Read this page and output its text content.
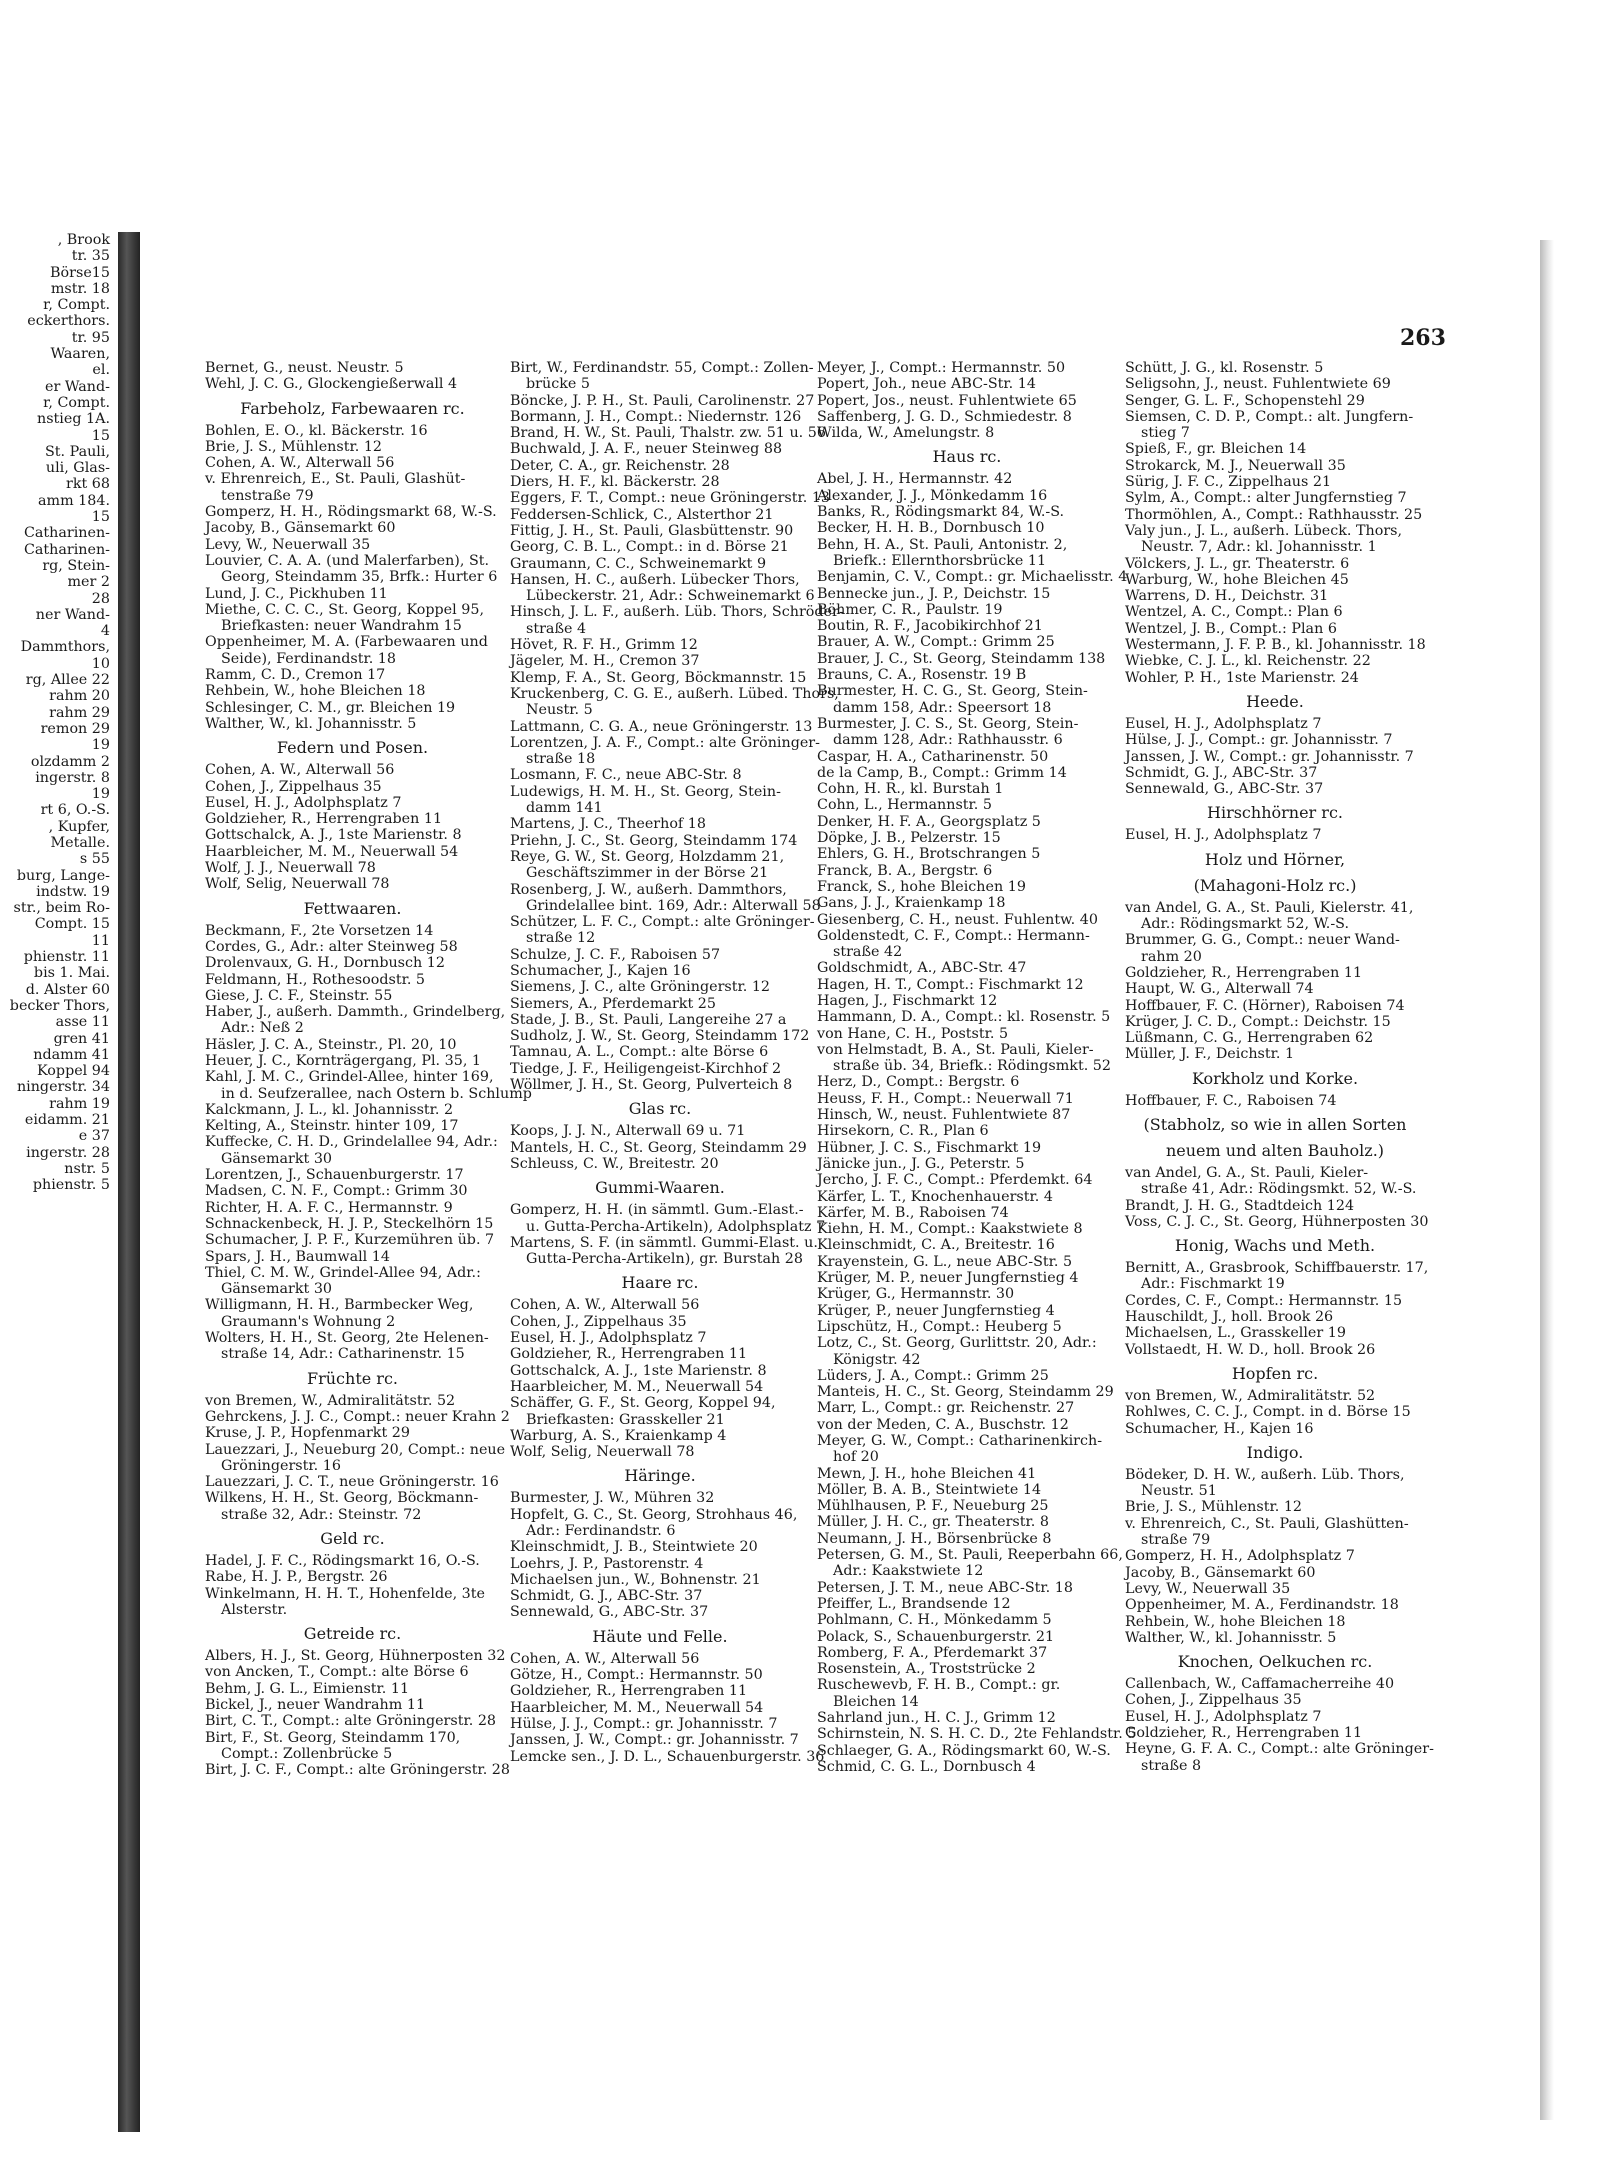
, Brook
tr. 35
Börse15
mstr. 18
r, Compt.
eckerthors.
tr. 95
Waaren,
el.
er Wand-
r, Compt.
nstieg 1A.
15
St. Pauli,
uli, Glas-
rkt 68
amm 184.
15
Catharinen-
Catharinen-
rg, Stein-
mer 2
28
ner Wand-
4
Dammthors,
10
rg, Allee 22
rahm 20
rahm 29
remon 29
19
olzdamm 2
ingerstr. 8
19
rt 6, O.-S.
, Kupfer,
Metalle.
s 55
burg, Lange-
indstw. 19
str., beim Ro-
Compt. 15
11
phienstr. 11
bis 1. Mai.
d. Alster 60
becker Thors,
asse 11
gren 41
ndamm 41
Koppel 94
ningerstr. 34
rahm 19
eidamm. 21
e 37
ingerstr. 28
nstr. 5
phienstr. 5
263
Bernet, G., neust. Neustr. 5
Wehl, J. C. G., Glockengießerwall 4
Farbeholz, Farbewaaren rc.
Bohlen, E. O., kl. Bäckerstr. 16
Brie, J. S., Mühlenstr. 12
Cohen, A. W., Alterwall 56
v. Ehrenreich, E., St. Pauli, Glashüt-
tenstraße 79
Gomperz, H. H., Rödingsmarkt 68, W.-S.
Jacoby, B., Gänsemarkt 60
Levy, W., Neuerwall 35
Louvier, C. A. A. (und Malerfarben), St.
Georg, Steindamm 35, Brfk.: Hurter 6
Lund, J. C., Pickhuben 11
Miethe, C. C. C., St. Georg, Koppel 95,
Briefkasten: neuer Wandrahm 15
Oppenheimer, M. A. (Farbewaaren und
Seide), Ferdinandstr. 18
Ramm, C. D., Cremon 17
Rehbein, W., hohe Bleichen 18
Schlesinger, C. M., gr. Bleichen 19
Walther, W., kl. Johannisstr. 5
Federn und Posen.
Cohen, A. W., Alterwall 56
Cohen, J., Zippelhaus 35
Eusel, H. J., Adolphsplatz 7
Goldzieher, R., Herrengraben 11
Gottschalck, A. J., 1ste Marienstr. 8
Haarbleicher, M. M., Neuerwall 54
Wolf, J. J., Neuerwall 78
Wolf, Selig, Neuerwall 78
Fettwaaren.
Beckmann, F., 2te Vorsetzen 14
Cordes, G., Adr.: alter Steinweg 58
Drolenvaux, G. H., Dornbusch 12
Feldmann, H., Rothesoodstr. 5
Giese, J. C. F., Steinstr. 55
Haber, J., außerh. Dammth., Grindelberg,
Adr.: Neß 2
Häsler, J. C. A., Steinstr., Pl. 20, 10
Heuer, J. C., Kornträgergang, Pl. 35, 1
Kahl, J. M. C., Grindel-Allee, hinter 169,
in d. Seufzerallee, nach Ostern b. Schlump
Kalckmann, J. L., kl. Johannisstr. 2
Kelting, A., Steinstr. hinter 109, 17
Kuffecke, C. H. D., Grindelallee 94, Adr.:
Gänsemarkt 30
Lorentzen, J., Schauenburgerstr. 17
Madsen, C. N. F., Compt.: Grimm 30
Richter, H. A. F. C., Hermannstr. 9
Schnackenbeck, H. J. P., Steckelhörn 15
Schumacher, J. P. F., Kurzemühren üb. 7
Spars, J. H., Baumwall 14
Thiel, C. M. W., Grindel-Allee 94, Adr.:
Gänsemarkt 30
Willigmann, H. H., Barmbecker Weg,
Graumann's Wohnung 2
Wolters, H. H., St. Georg, 2te Helenen-
straße 14, Adr.: Catharinenstr. 15
Früchte rc.
von Bremen, W., Admiralitätstr. 52
Gehrckens, J. J. C., Compt.: neuer Krahn 2
Kruse, J. P., Hopfenmarkt 29
Lauezzari, J., Neueburg 20, Compt.: neue
Gröningerstr. 16
Lauezzari, J. C. T., neue Gröningerstr. 16
Wilkens, H. H., St. Georg, Böckmann-
straße 32, Adr.: Steinstr. 72
Geld rc.
Hadel, J. F. C., Rödingsmarkt 16, O.-S.
Rabe, H. J. P., Bergstr. 26
Winkelmann, H. H. T., Hohenfelde, 3te
Alsterstr.
Getreide rc.
Albers, H. J., St. Georg, Hühnerposten 32
von Ancken, T., Compt.: alte Börse 6
Behm, J. G. L., Eimienstr. 11
Bickel, J., neuer Wandrahm 11
Birt, C. T., Compt.: alte Gröningerstr. 28
Birt, F., St. Georg, Steindamm 170,
Compt.: Zollenbrücke 5
Birt, J. C. F., Compt.: alte Gröningerstr. 28
Birt, W., Ferdinandstr. 55, Compt.: Zollen-
brücke 5
Böncke, J. P. H., St. Pauli, Carolinenstr. 27
Bormann, J. H., Compt.: Niedernstr. 126
Brand, H. W., St. Pauli, Thalstr. zw. 51 u. 56
Buchwald, J. A. F., neuer Steinweg 88
Deter, C. A., gr. Reichenstr. 28
Diers, H. F., kl. Bäckerstr. 28
Eggers, F. T., Compt.: neue Gröningerstr. 13
Feddersen-Schlick, C., Alsterthor 21
Fittig, J. H., St. Pauli, Glasbüttenstr. 90
Georg, C. B. L., Compt.: in d. Börse 21
Graumann, C. C., Schweinemarkt 9
Hansen, H. C., außerh. Lübecker Thors,
Lübeckerstr. 21, Adr.: Schweinemarkt 6
Hinsch, J. L. F., außerh. Lüb. Thors, Schröder-
straße 4
Hövet, R. F. H., Grimm 12
Jägeler, M. H., Cremon 37
Klemp, F. A., St. Georg, Böckmannstr. 15
Kruckenberg, C. G. E., außerh. Lübed. Thors,
Neustr. 5
Lattmann, C. G. A., neue Gröningerstr. 13
Lorentzen, J. A. F., Compt.: alte Gröninger-
straße 18
Losmann, F. C., neue ABC-Str. 8
Ludewigs, H. M. H., St. Georg, Stein-
damm 141
Martens, J. C., Theerhof 18
Priehn, J. C., St. Georg, Steindamm 174
Reye, G. W., St. Georg, Holzdamm 21,
Geschäftszimmer in der Börse 21
Rosenberg, J. W., außerh. Dammthors,
Grindelallee bint. 169, Adr.: Alterwall 58
Schützer, L. F. C., Compt.: alte Gröninger-
straße 12
Schulze, J. C. F., Raboisen 57
Schumacher, J., Kajen 16
Siemens, J. C., alte Gröningerstr. 12
Siemers, A., Pferdemarkt 25
Stade, J. B., St. Pauli, Langereihe 27 a
Sudholz, J. W., St. Georg, Steindamm 172
Tamnau, A. L., Compt.: alte Börse 6
Tiedge, J. F., Heiligengeist-Kirchhof 2
Wöllmer, J. H., St. Georg, Pulverteich 8
Glas rc.
Koops, J. J. N., Alterwall 69 u. 71
Mantels, H. C., St. Georg, Steindamm 29
Schleuss, C. W., Breitestr. 20
Gummi-Waaren.
Gomperz, H. H. (in sämmtl. Gum.-Elast.-
u. Gutta-Percha-Artikeln), Adolphsplatz 7
Martens, S. F. (in sämmtl. Gummi-Elast. u.
Gutta-Percha-Artikeln), gr. Burstah 28
Haare rc.
Cohen, A. W., Alterwall 56
Cohen, J., Zippelhaus 35
Eusel, H. J., Adolphsplatz 7
Goldzieher, R., Herrengraben 11
Gottschalck, A. J., 1ste Marienstr. 8
Haarbleicher, M. M., Neuerwall 54
Schäffer, G. F., St. Georg, Koppel 94,
Briefkasten: Grasskeller 21
Warburg, A. S., Kraienkamp 4
Wolf, Selig, Neuerwall 78
Häringe.
Burmester, J. W., Mühren 32
Hopfelt, G. C., St. Georg, Strohhaus 46,
Adr.: Ferdinandstr. 6
Kleinschmidt, J. B., Steintwiete 20
Loehrs, J. P., Pastorenstr. 4
Michaelsen jun., W., Bohnenstr. 21
Schmidt, G. J., ABC-Str. 37
Sennewald, G., ABC-Str. 37
Häute und Felle.
Cohen, A. W., Alterwall 56
Götze, H., Compt.: Hermannstr. 50
Goldzieher, R., Herrengraben 11
Haarbleicher, M. M., Neuerwall 54
Hülse, J. J., Compt.: gr. Johannisstr. 7
Janssen, J. W., Compt.: gr. Johannisstr. 7
Lemcke sen., J. D. L., Schauenburgerstr. 36
Meyer, J., Compt.: Hermannstr. 50
Popert, Joh., neue ABC-Str. 14
Popert, Jos., neust. Fuhlentwiete 65
Saffenberg, J. G. D., Schmiedestr. 8
Wilda, W., Amelungstr. 8
Haus rc.
Abel, J. H., Hermannstr. 42
Alexander, J. J., Mönkedamm 16
Banks, R., Rödingsmarkt 84, W.-S.
Becker, H. H. B., Dornbusch 10
Behn, H. A., St. Pauli, Antonistr. 2,
Briefk.: Ellernthorsbrücke 11
Benjamin, C. V., Compt.: gr. Michaelisstr. 4
Bennecke jun., J. P., Deichstr. 15
Böhmer, C. R., Paulstr. 19
Boutin, R. F., Jacobikirchhof 21
Brauer, A. W., Compt.: Grimm 25
Brauer, J. C., St. Georg, Steindamm 138
Brauns, C. A., Rosenstr. 19 B
Burmester, H. C. G., St. Georg, Stein-
damm 158, Adr.: Speersort 18
Burmester, J. C. S., St. Georg, Stein-
damm 128, Adr.: Rathhausstr. 6
Caspar, H. A., Catharinenstr. 50
de la Camp, B., Compt.: Grimm 14
Cohn, H. R., kl. Burstah 1
Cohn, L., Hermannstr. 5
Denker, H. F. A., Georgsplatz 5
Döpke, J. B., Pelzerstr. 15
Ehlers, G. H., Brotschrangen 5
Franck, B. A., Bergstr. 6
Franck, S., hohe Bleichen 19
Gans, J. J., Kraienkamp 18
Giesenberg, C. H., neust. Fuhlentw. 40
Goldenstedt, C. F., Compt.: Hermann-
straße 42
Goldschmidt, A., ABC-Str. 47
Hagen, H. T., Compt.: Fischmarkt 12
Hagen, J., Fischmarkt 12
Hammann, D. A., Compt.: kl. Rosenstr. 5
von Hane, C. H., Poststr. 5
von Helmstadt, B. A., St. Pauli, Kieler-
straße üb. 34, Briefk.: Rödingsmkt. 52
Herz, D., Compt.: Bergstr. 6
Heuss, F. H., Compt.: Neuerwall 71
Hinsch, W., neust. Fuhlentwiete 87
Hirsekorn, C. R., Plan 6
Hübner, J. C. S., Fischmarkt 19
Jänicke jun., J. G., Peterstr. 5
Jercho, J. F. C., Compt.: Pferdemkt. 64
Kärfer, L. T., Knochenhauerstr. 4
Kärfer, M. B., Raboisen 74
Kiehn, H. M., Compt.: Kaakstwiete 8
Kleinschmidt, C. A., Breitestr. 16
Krayenstein, G. L., neue ABC-Str. 5
Krüger, M. P., neuer Jungfernstieg 4
Krüger, G., Hermannstr. 30
Krüger, P., neuer Jungfernstieg 4
Lipschütz, H., Compt.: Heuberg 5
Lotz, C., St. Georg, Gurlittstr. 20, Adr.:
Königstr. 42
Lüders, J. A., Compt.: Grimm 25
Manteis, H. C., St. Georg, Steindamm 29
Marr, L., Compt.: gr. Reichenstr. 27
von der Meden, C. A., Buschstr. 12
Meyer, G. W., Compt.: Catharinenkirch-
hof 20
Mewn, J. H., hohe Bleichen 41
Möller, B. A. B., Steintwiete 14
Mühlhausen, P. F., Neueburg 25
Müller, J. H. C., gr. Theaterstr. 8
Neumann, J. H., Börsenbrücke 8
Petersen, G. M., St. Pauli, Reeperbahn 66,
Adr.: Kaakstwiete 12
Petersen, J. T. M., neue ABC-Str. 18
Pfeiffer, L., Brandsende 12
Pohlmann, C. H., Mönkedamm 5
Polack, S., Schauenburgerstr. 21
Romberg, F. A., Pferdemarkt 37
Rosenstein, A., Troststrücke 2
Ruschewevb, F. H. B., Compt.: gr.
Bleichen 14
Sahrland jun., H. C. J., Grimm 12
Schirnstein, N. S. H. C. D., 2te Fehlandstr. 5
Schlaeger, G. A., Rödingsmarkt 60, W.-S.
Schmid, C. G. L., Dornbusch 4
Schütt, J. G., kl. Rosenstr. 5
Seligsohn, J., neust. Fuhlentwiete 69
Senger, G. L. F., Schopenstehl 29
Siemsen, C. D. P., Compt.: alt. Jungfern-
stieg 7
Spieß, F., gr. Bleichen 14
Strokarck, M. J., Neuerwall 35
Sürig, J. F. C., Zippelhaus 21
Sylm, A., Compt.: alter Jungfernstieg 7
Thormöhlen, A., Compt.: Rathhausstr. 25
Valy jun., J. L., außerh. Lübeck. Thors,
Neustr. 7, Adr.: kl. Johannisstr. 1
Völckers, J. L., gr. Theaterstr. 6
Warburg, W., hohe Bleichen 45
Warrens, D. H., Deichstr. 31
Wentzel, A. C., Compt.: Plan 6
Wentzel, J. B., Compt.: Plan 6
Westermann, J. F. P. B., kl. Johannisstr. 18
Wiebke, C. J. L., kl. Reichenstr. 22
Wohler, P. H., 1ste Marienstr. 24
Heede.
Eusel, H. J., Adolphsplatz 7
Hülse, J. J., Compt.: gr. Johannisstr. 7
Janssen, J. W., Compt.: gr. Johannisstr. 7
Schmidt, G. J., ABC-Str. 37
Sennewald, G., ABC-Str. 37
Hirschhörner rc.
Eusel, H. J., Adolphsplatz 7
Holz und Hörner,
(Mahagoni-Holz rc.)
van Andel, G. A., St. Pauli, Kielerstr. 41,
Adr.: Rödingsmarkt 52, W.-S.
Brummer, G. G., Compt.: neuer Wand-
rahm 20
Goldzieher, R., Herrengraben 11
Haupt, W. G., Alterwall 74
Hoffbauer, F. C. (Hörner), Raboisen 74
Krüger, J. C. D., Compt.: Deichstr. 15
Lüßmann, C. G., Herrengraben 62
Müller, J. F., Deichstr. 1
Korkholz und Korke.
Hoffbauer, F. C., Raboisen 74
(Stabholz, so wie in allen Sorten
neuem und alten Bauholz.)
van Andel, G. A., St. Pauli, Kieler-
straße 41, Adr.: Rödingsmkt. 52, W.-S.
Brandt, J. H. G., Stadtdeich 124
Voss, C. J. C., St. Georg, Hühnerposten 30
Honig, Wachs und Meth.
Bernitt, A., Grasbrook, Schiffbauerstr. 17,
Adr.: Fischmarkt 19
Cordes, C. F., Compt.: Hermannstr. 15
Hauschildt, J., holl. Brook 26
Michaelsen, L., Grasskeller 19
Vollstaedt, H. W. D., holl. Brook 26
Hopfen rc.
von Bremen, W., Admiralitätstr. 52
Rohlwes, C. C. J., Compt. in d. Börse 15
Schumacher, H., Kajen 16
Indigo.
Bödeker, D. H. W., außerh. Lüb. Thors,
Neustr. 51
Brie, J. S., Mühlenstr. 12
v. Ehrenreich, C., St. Pauli, Glashütten-
straße 79
Gomperz, H. H., Adolphsplatz 7
Jacoby, B., Gänsemarkt 60
Levy, W., Neuerwall 35
Oppenheimer, M. A., Ferdinandstr. 18
Rehbein, W., hohe Bleichen 18
Walther, W., kl. Johannisstr. 5
Knochen, Oelkuchen rc.
Callenbach, W., Caffamacherreihe 40
Cohen, J., Zippelhaus 35
Eusel, H. J., Adolphsplatz 7
Goldzieher, R., Herrengraben 11
Heyne, G. F. A. C., Compt.: alte Gröninger-
straße 8
